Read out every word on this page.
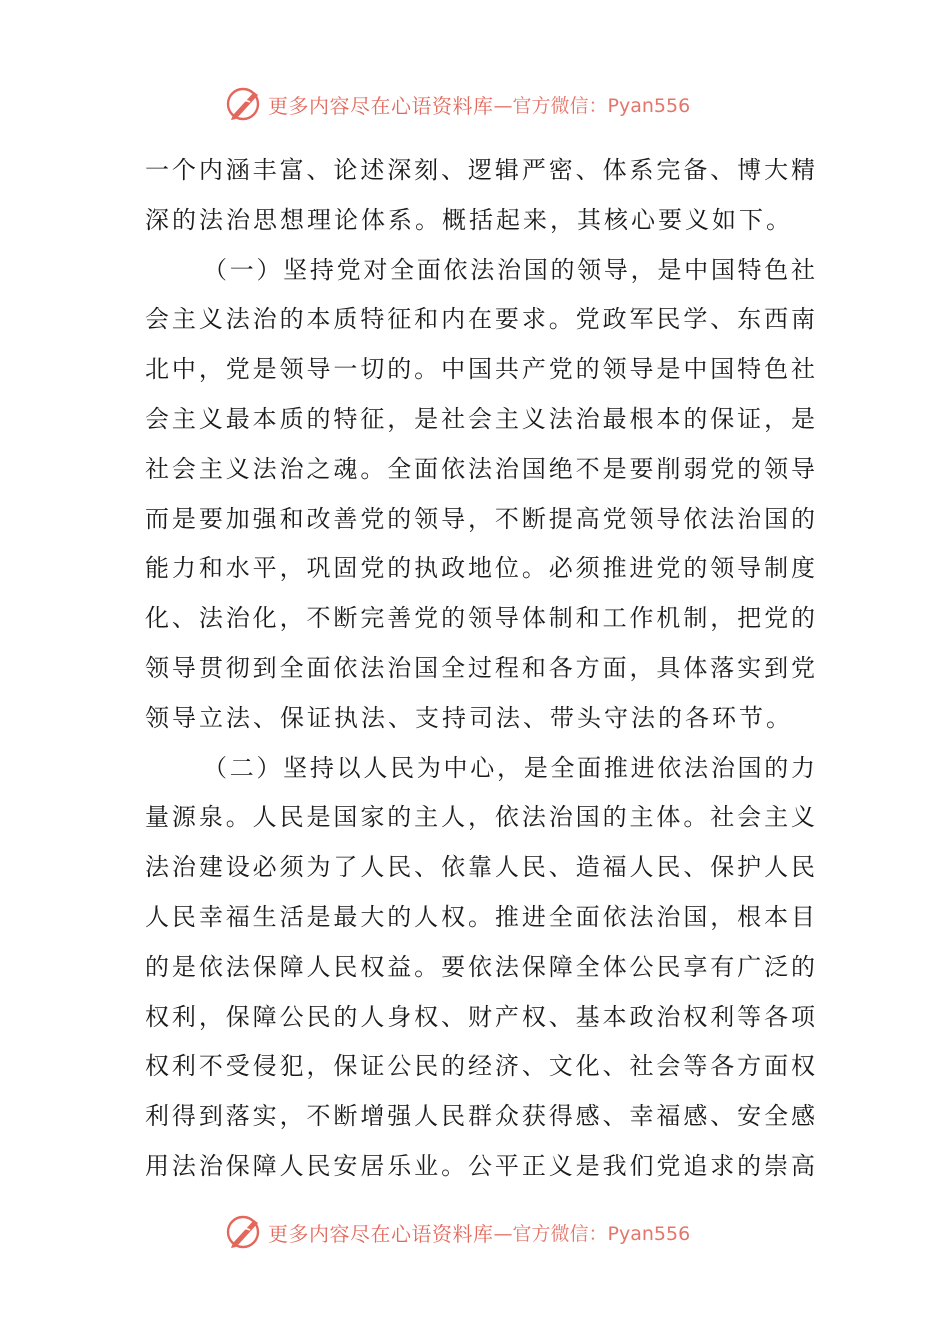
更多内容尽在心语资料库 —官方微信：Pyan556
一个内涵丰富、论述深刻、逻辑严密、体系完备、博大精
深的法治思想理论体系。概括起来，其核心要义如下。
（一）坚持党对全面依法治国的领导，是中国特色社
会主义法治的本质特征和内在要求。党政军民学、东西南
北中，党是领导一切的。中国共产党的领导是中国特色社
会主义最本质的特征，是社会主义法治最根本的保证，是
社会主义法治之魂。全面依法治国绝不是要削弱党的领导
而是要加强和改善党的领导，不断提高党领导依法治国的
能力和水平，巩固党的执政地位。必须推进党的领导制度
化、法治化，不断完善党的领导体制和工作机制，把党的
领导贯彻到全面依法治国全过程和各方面，具体落实到党
领导立法、保证执法、支持司法、带头守法的各环节。
（二）坚持以人民为中心，是全面推进依法治国的力
量源泉。人民是国家的主人，依法治国的主体。社会主义
法治建设必须为了人民、依靠人民、造福人民、保护人民
人民幸福生活是最大的人权。推进全面依法治国，根本目
的是依法保障人民权益。要依法保障全体公民享有广泛的
权利，保障公民的人身权、财产权、基本政治权利等各项
权利不受侵犯，保证公民的经济、文化、社会等各方面权
利得到落实，不断增强人民群众获得感、幸福感、安全感
用法治保障人民安居乐业。公平正义是我们党追求的崇高
更多内容尽在心语资料库 —官方微信：Pyan556
